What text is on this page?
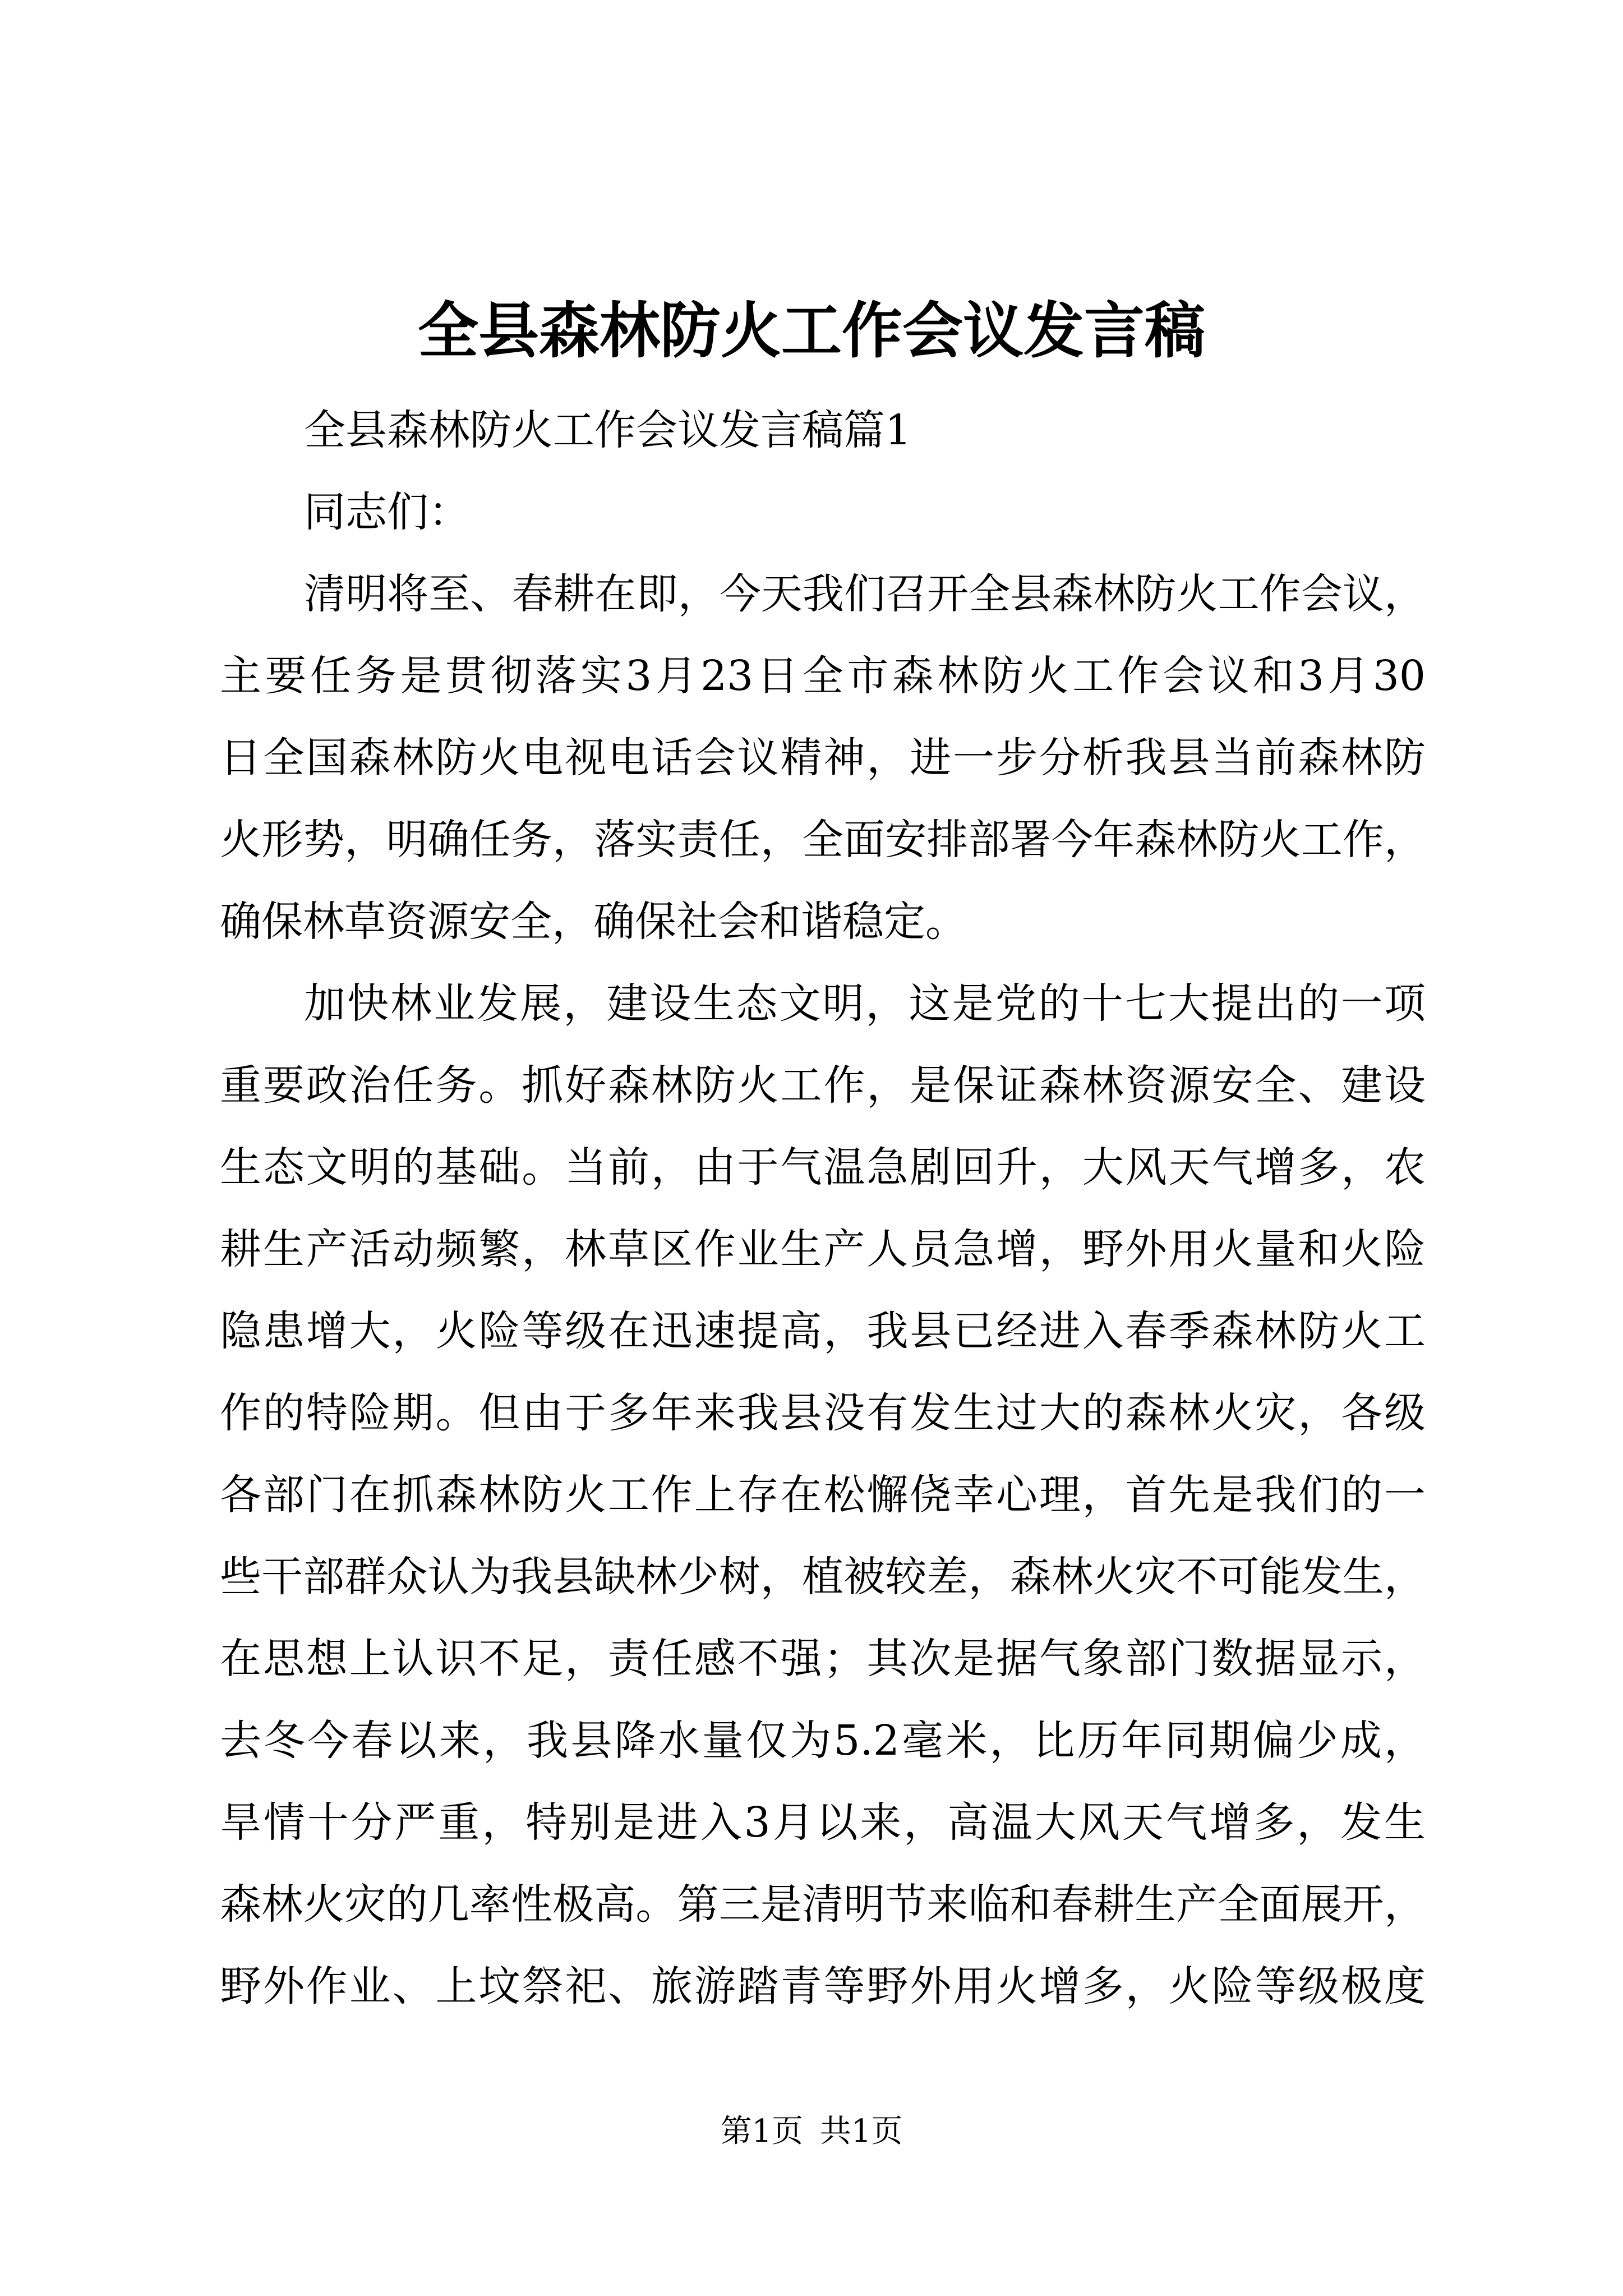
全县森林防火工作会议发言稿

全县森林防火工作会议发言稿篇1

同志们：

清明将至、春耕在即，今天我们召开全县森林防火工作会议，

主要任务是贯彻落实3月23日全市森林防火工作会议和3月30

日全国森林防火电视电话会议精神，进一步分析我县当前森林防

火形势，明确任务，落实责任，全面安排部署今年森林防火工作，

确保林草资源安全，确保社会和谐稳定。

加快林业发展，建设生态文明，这是党的十七大提出的一项

重要政治任务。抓好森林防火工作，是保证森林资源安全、建设

生态文明的基础。当前，由于气温急剧回升，大风天气增多，农

耕生产活动频繁，林草区作业生产人员急增，野外用火量和火险

隐患增大，火险等级在迅速提高，我县已经进入春季森林防火工

作的特险期。但由于多年来我县没有发生过大的森林火灾，各级

各部门在抓森林防火工作上存在松懈侥幸心理，首先是我们的一

些干部群众认为我县缺林少树，植被较差，森林火灾不可能发生，

在思想上认识不足，责任感不强；其次是据气象部门数据显示，

去冬今春以来，我县降水量仅为5.2毫米，比历年同期偏少成，

旱情十分严重，特别是进入3月以来，高温大风天气增多，发生

森林火灾的几率性极高。第三是清明节来临和春耕生产全面展开，

野外作业、上坟祭祀、旅游踏青等野外用火增多，火险等级极度

第1页 共1页
